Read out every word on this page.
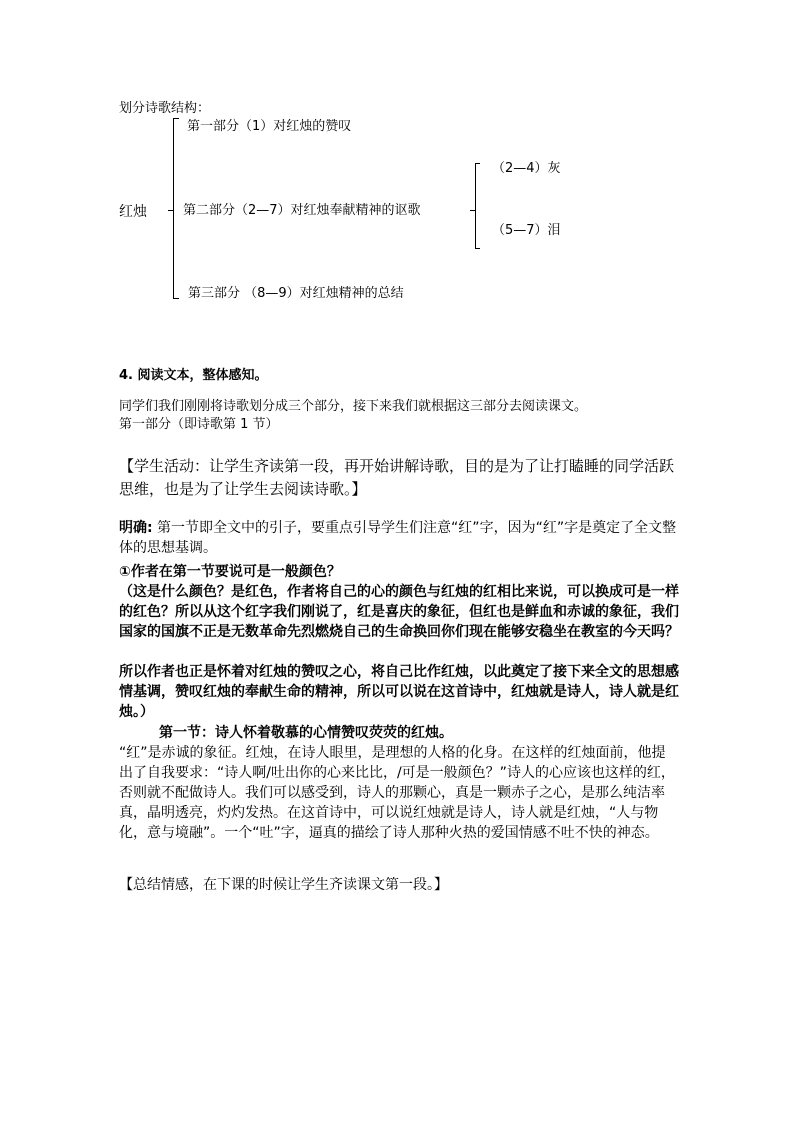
划分诗歌结构：
红烛
第一部分（1）对红烛的赞叹
第二部分（2—7）对红烛奉献精神的讴歌
第三部分 （8—9）对红烛精神的总结
（2—4）灰
（5—7）泪
4. 阅读文本，整体感知。
同学们我们刚刚将诗歌划分成三个部分，接下来我们就根据这三部分去阅读课文。
第一部分（即诗歌第 1 节）
【学生活动：让学生齐读第一段，再开始讲解诗歌，目的是为了让打瞌睡的同学活跃思维，也是为了让学生去阅读诗歌。】
明确: 第一节即全文中的引子，要重点引导学生们注意“红”字，因为“红”字是奠定了全文整体的思想基调。
①作者在第一节要说可是一般颜色？
（这是什么颜色？是红色，作者将自己的心的颜色与红烛的红相比来说，可以换成可是一样的红色？所以从这个红字我们刚说了，红是喜庆的象征，但红也是鲜血和赤诚的象征，我们国家的国旗不正是无数革命先烈燃烧自己的生命换回你们现在能够安稳坐在教室的今天吗？
所以作者也正是怀着对红烛的赞叹之心，将自己比作红烛，以此奠定了接下来全文的思想感情基调，赞叹红烛的奉献生命的精神，所以可以说在这首诗中，红烛就是诗人，诗人就是红烛。）
第一节：诗人怀着敬慕的心情赞叹荧荧的红烛。
“红”是赤诚的象征。红烛，在诗人眼里，是理想的人格的化身。在这样的红烛面前，他提出了自我要求：“诗人啊/吐出你的心来比比，/可是一般颜色？”诗人的心应该也这样的红，否则就不配做诗人。我们可以感受到，诗人的那颗心，真是一颗赤子之心，是那么纯洁率真，晶明透亮，灼灼发热。在这首诗中，可以说红烛就是诗人，诗人就是红烛，“人与物化，意与境融”。一个“吐”字，逼真的描绘了诗人那种火热的爱国情感不吐不快的神态。
【总结情感，在下课的时候让学生齐读课文第一段。】
